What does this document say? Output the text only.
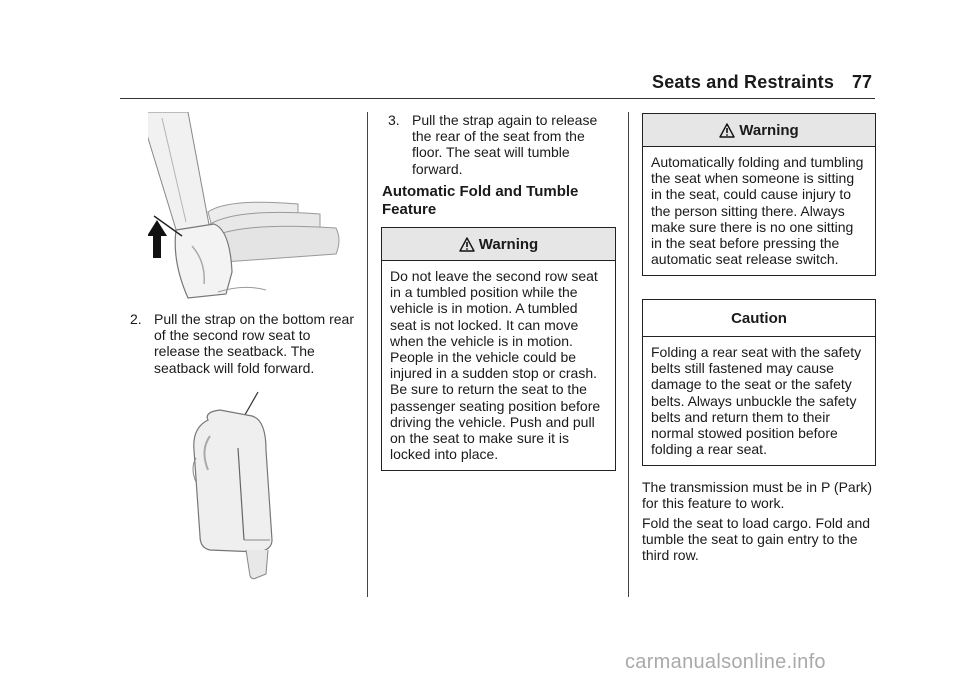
Seats and Restraints 77
2. Pull the strap on the bottom rear of the second row seat to release the seatback. The seatback will fold forward.
3. Pull the strap again to release the rear of the seat from the floor. The seat will tumble forward.
Automatic Fold and Tumble Feature
Warning
Do not leave the second row seat in a tumbled position while the vehicle is in motion. A tumbled seat is not locked. It can move when the vehicle is in motion. People in the vehicle could be injured in a sudden stop or crash. Be sure to return the seat to the passenger seating position before driving the vehicle. Push and pull on the seat to make sure it is locked into place.
Warning
Automatically folding and tumbling the seat when someone is sitting in the seat, could cause injury to the person sitting there. Always make sure there is no one sitting in the seat before pressing the automatic seat release switch.
Caution
Folding a rear seat with the safety belts still fastened may cause damage to the seat or the safety belts. Always unbuckle the safety belts and return them to their normal stowed position before folding a rear seat.

The transmission must be in P (Park) for this feature to work.

Fold the seat to load cargo. Fold and tumble the seat to gain entry to the third row.

carmanualsonline.info
